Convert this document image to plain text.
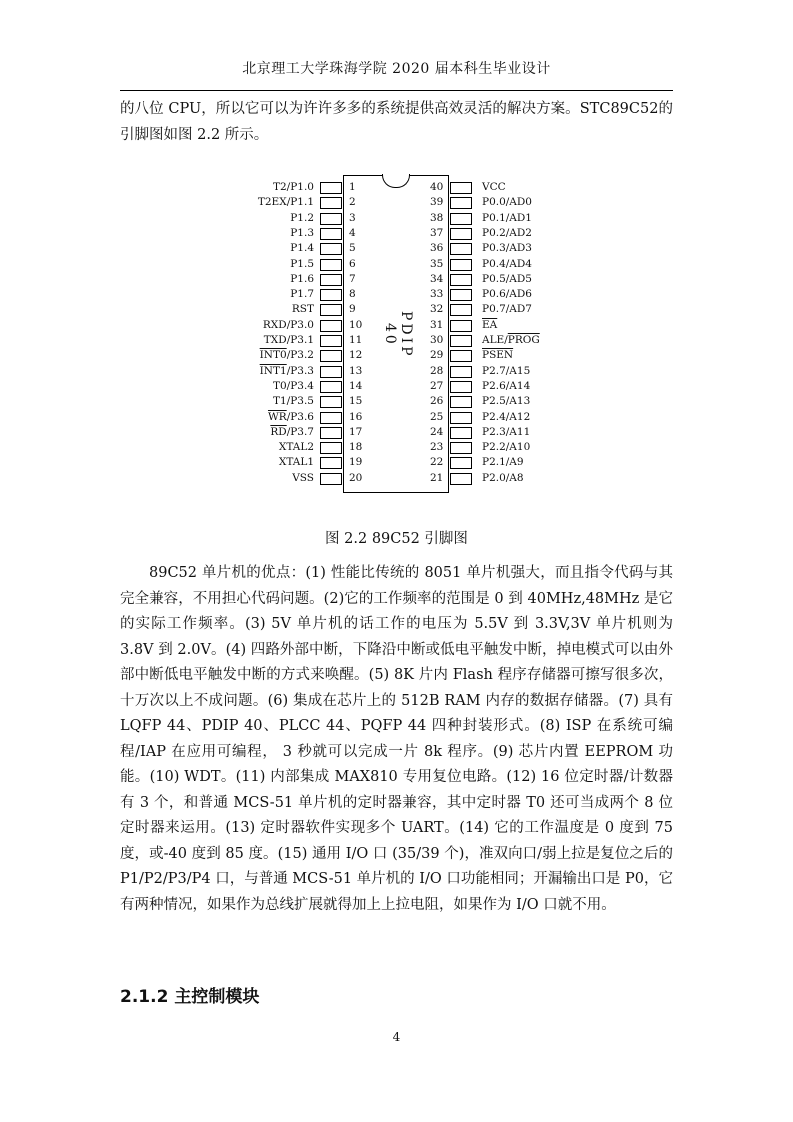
北京理工大学珠海学院 2020 届本科生毕业设计
的八位 CPU，所以它可以为许许多多的系统提供高效灵活的解决方案。STC89C52的引脚图如图 2.2 所示。
PDIP 40
T2/P1.0	1
T2EX/P1.1	2
P1.2	3
P1.3	4
P1.4	5
P1.5	6
P1.6	7
P1.7	8
RST	9
RXD/P3.0	10
TXD/P3.1	11
INT0/P3.2	12
INT1/P3.3	13
T0/P3.4	14
T1/P3.5	15
$\overline{WR}/P3.6$	16
$\overline{RD}/P3.7$	17
XTAL2	18
XTAL1	19
VSS	20
40	VCC
39	P0.0/AD0
38	P0.1/AD1
37	P0.2/AD2
36	P0.3/AD3
35	P0.4/AD4
34	P0.5/AD5
33	P0.6/AD6
32	P0.7/AD7
31	$\overline{EA}$
30	ALE/PROG
29	PSEN
28	P2.7/A15
27	P2.6/A14
26	P2.5/A13
25	P2.4/A12
24	P2.3/A11
23	P2.2/A10
22	P2.1/A9
21	P2.0/A8
图 2.2 89C52 引脚图
89C52 单片机的优点：(1) 性能比传统的 8051 单片机强大，而且指令代码与其完全兼容，不用担心代码问题。(2)它的工作频率的范围是 0 到 40MHz,48MHz 是它的实际工作频率。(3) 5V 单片机的话工作的电压为 5.5V 到 3.3V,3V 单片机则为 3.8V 到 2.0V。(4) 四路外部中断，下降沿中断或低电平触发中断，掉电模式可以由外部中断低电平触发中断的方式来唤醒。(5) 8K 片内 Flash 程序存储器可擦写很多次，十万次以上不成问题。(6) 集成在芯片上的 512B RAM 内存的数据存储器。(7) 具有 LQFP 44、PDIP 40、PLCC 44、PQFP 44 四种封装形式。(8) ISP 在系统可编程/IAP 在应用可编程， 3 秒就可以完成一片 8k 程序。(9) 芯片内置 EEPROM 功能。(10) WDT。(11) 内部集成 MAX810 专用复位电路。(12) 16 位定时器/计数器有 3 个，和普通 MCS-51 单片机的定时器兼容，其中定时器 T0 还可当成两个 8 位定时器来运用。(13) 定时器软件实现多个 UART。(14) 它的工作温度是 0 度到 75 度，或-40 度到 85 度。(15) 通用 I/O 口 (35/39 个)，准双向口/弱上拉是复位之后的 P1/P2/P3/P4 口，与普通 MCS-51 单片机的 I/O 口功能相同；开漏输出口是 P0，它有两种情况，如果作为总线扩展就得加上上拉电阻，如果作为 I/O 口就不用。
2.1.2 主控制模块
4
